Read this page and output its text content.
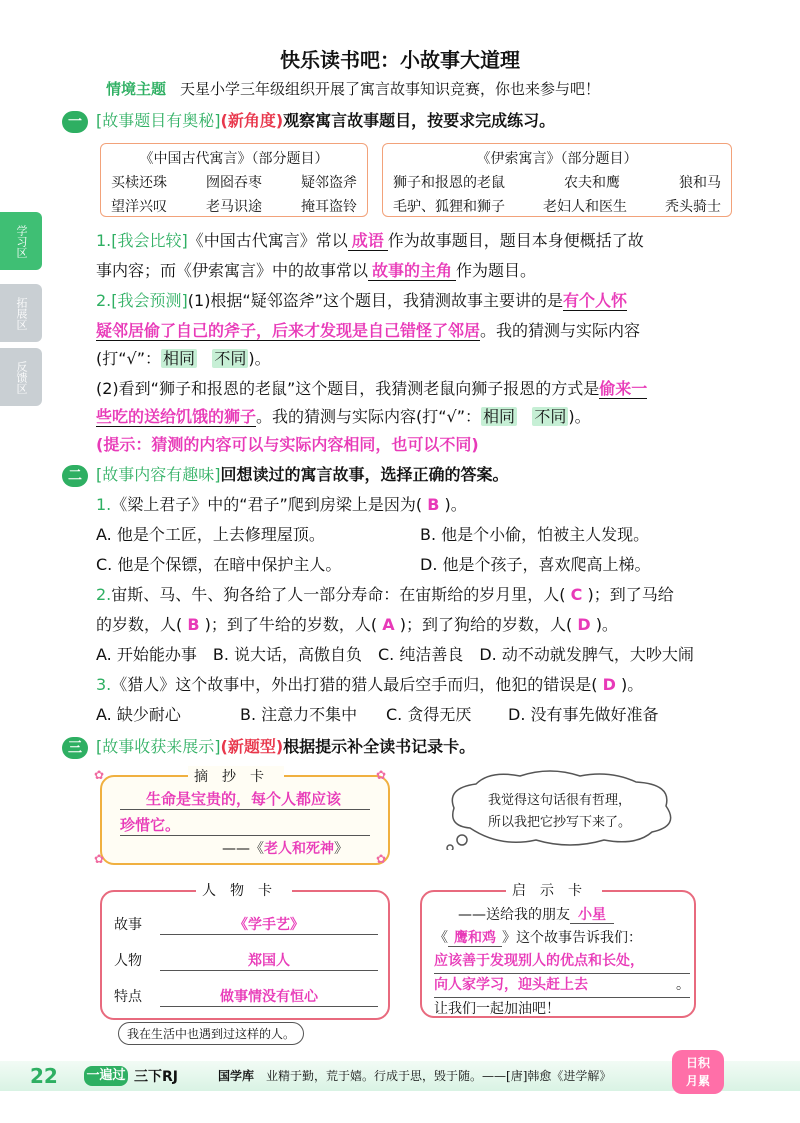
快乐读书吧：小故事大道理
情境主题 天星小学三年级组织开展了寓言故事知识竞赛，你也来参与吧！
学习区
拓展区
反馈区
一 [故事题目有奥秘](新角度)观察寓言故事题目，按要求完成练习。
《中国古代寓言》（部分题目）
买椟还珠	囫囵吞枣	疑邻盗斧
望洋兴叹	老马识途	掩耳盗铃
《伊索寓言》（部分题目）
狮子和报恩的老鼠	农夫和鹰	狼和马
毛驴、狐狸和狮子	老妇人和医生	秃头骑士
1.[我会比较]《中国古代寓言》常以 成语 作为故事题目，题目本身便概括了故
事内容；而《伊索寓言》中的故事常以 故事的主角 作为题目。
2.[我会预测](1)根据“疑邻盗斧”这个题目，我猜测故事主要讲的是有个人怀
疑邻居偷了自己的斧子，后来才发现是自己错怪了邻居。我的猜测与实际内容
(打“√”： 相同 不同 )。
(2)看到“狮子和报恩的老鼠”这个题目，我猜测老鼠向狮子报恩的方式是偷来一
些吃的送给饥饿的狮子。我的猜测与实际内容(打“√”： 相同 不同 )。
(提示：猜测的内容可以与实际内容相同，也可以不同)
二 [故事内容有趣味]回想读过的寓言故事，选择正确的答案。
1.《梁上君子》中的“君子”爬到房梁上是因为( B )。
A. 他是个工匠，上去修理屋顶。	B. 他是个小偷，怕被主人发现。
C. 他是个保镖，在暗中保护主人。	D. 他是个孩子，喜欢爬高上梯。
2.宙斯、马、牛、狗各给了人一部分寿命：在宙斯给的岁月里，人( C )；到了马给
的岁数，人( B )；到了牛给的岁数，人( A )；到了狗给的岁数，人( D )。
A. 开始能办事　B. 说大话，高傲自负　C. 纯洁善良　D. 动不动就发脾气，大吵大闹
3.《猎人》这个故事中，外出打猎的猎人最后空手而归，他犯的错误是( D )。
A. 缺少耐心	B. 注意力不集中 C. 贪得无厌 D. 没有事先做好准备
三 [故事收获来展示](新题型)根据提示补全读书记录卡。
摘抄卡
✿	✿
✿	✿
生命是宝贵的，每个人都应该
珍惜它。
——《老人和死神》
我觉得这句话很有哲理，
所以我把它抄写下来了。
人物卡
故事	《学手艺》
人物	郑国人
特点	做事情没有恒心
我在生活中也遇到过这样的人。
启示卡
——送给我的朋友 小星
《 鹰和鸡 》这个故事告诉我们：
应该善于发现别人的优点和长处，
向人家学习，迎头赶上去	。
让我们一起加油吧！
22 一遍过 三下RJ	国学库 业精于勤，荒于嬉。行成于思，毁于随。——[唐]韩愈《进学解》
日积
月累
